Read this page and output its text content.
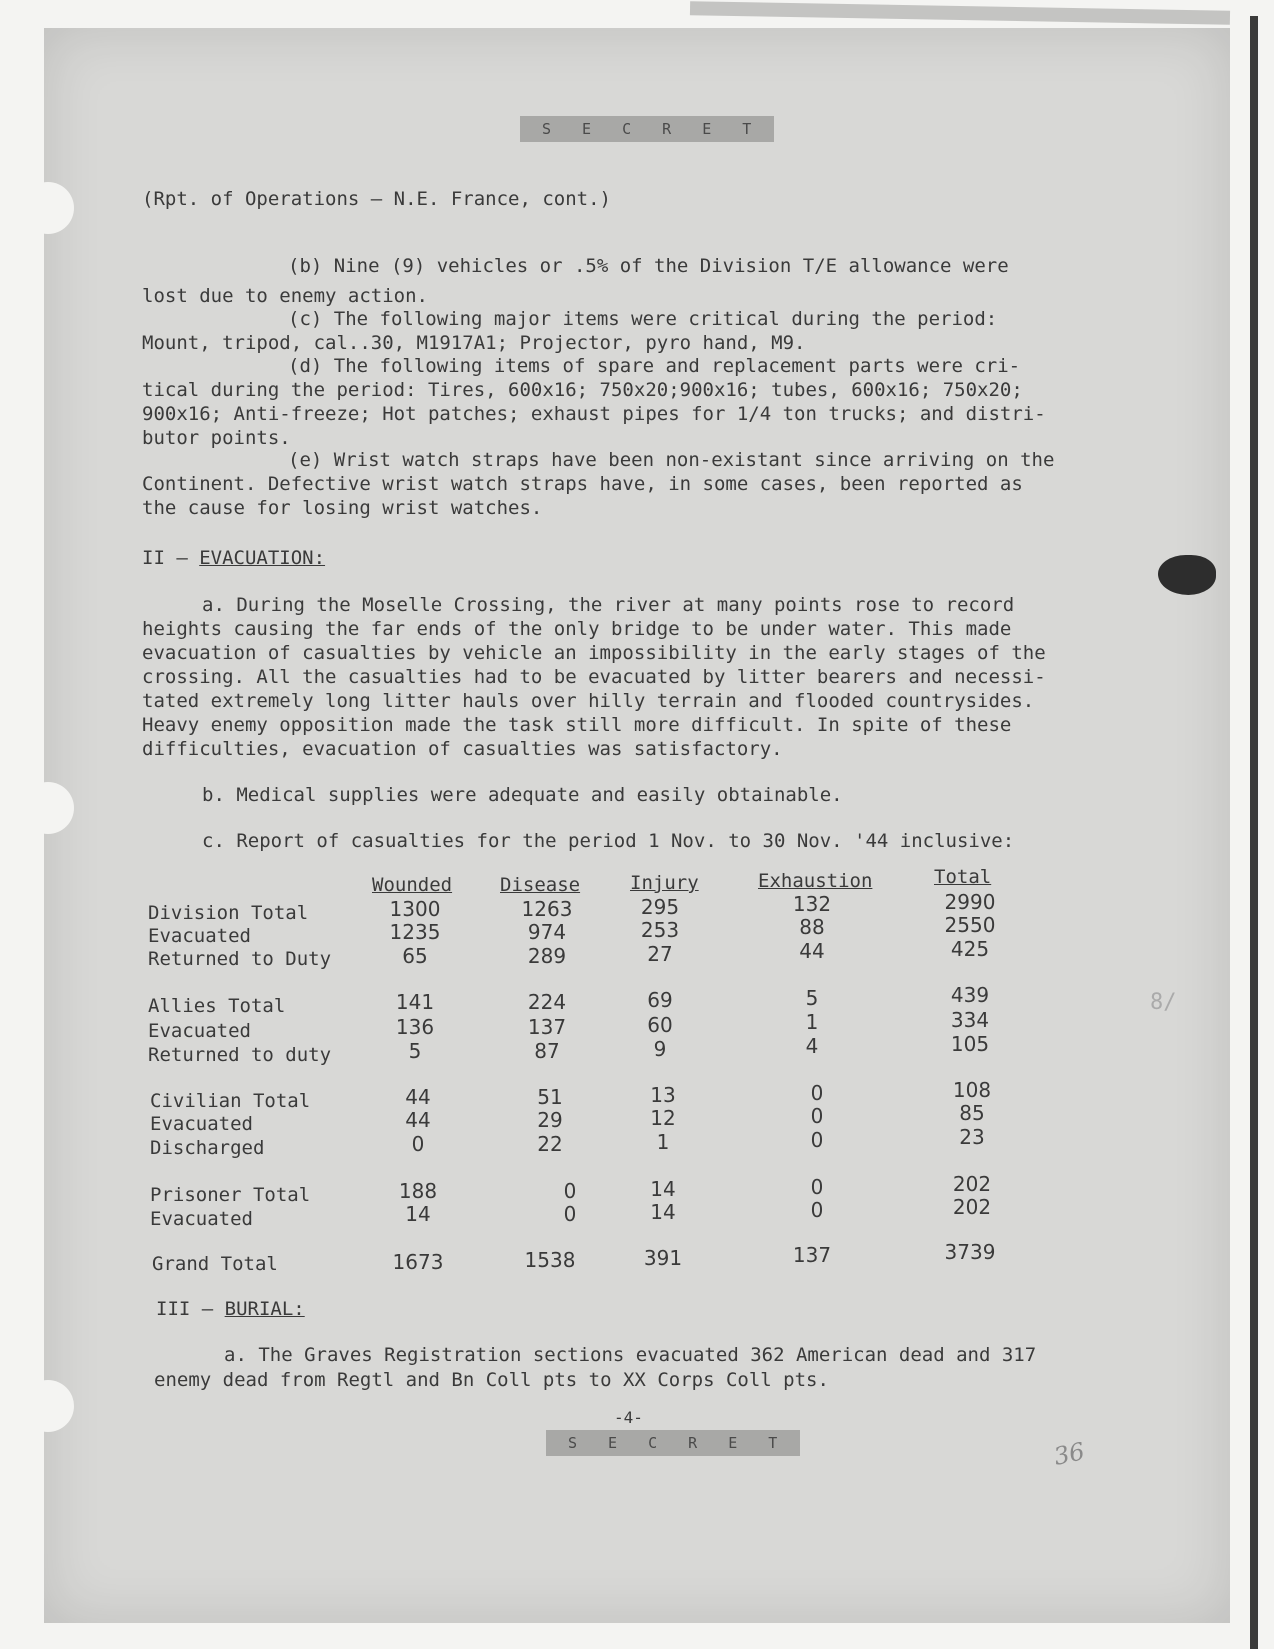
S E C R E T
(Rpt. of Operations — N.E. France, cont.)
(b) Nine (9) vehicles or .5% of the Division T/E allowance were
lost due to enemy action.
(c) The following major items were critical during the period:
Mount, tripod, cal..30, M1917A1; Projector, pyro hand, M9.
(d) The following items of spare and replacement parts were cri-
tical during the period: Tires, 600x16; 750x20;900x16; tubes, 600x16; 750x20;
900x16; Anti-freeze; Hot patches; exhaust pipes for 1/4 ton trucks; and distri-
butor points.
(e) Wrist watch straps have been non-existant since arriving on the
Continent. Defective wrist watch straps have, in some cases, been reported as
the cause for losing wrist watches.
II — EVACUATION:
a. During the Moselle Crossing, the river at many points rose to record
heights causing the far ends of the only bridge to be under water. This made
evacuation of casualties by vehicle an impossibility in the early stages of the
crossing. All the casualties had to be evacuated by litter bearers and necessi-
tated extremely long litter hauls over hilly terrain and flooded countrysides.
Heavy enemy opposition made the task still more difficult. In spite of these
difficulties, evacuation of casualties was satisfactory.
b. Medical supplies were adequate and easily obtainable.
c. Report of casualties for the period 1 Nov. to 30 Nov. '44 inclusive:
Wounded	Disease	Injury	Exhaustion	Total
Division Total	1300	1263	295	132	2990
Evacuated	1235	974	253	88	2550
Returned to Duty	65	289	27	44	425
Allies Total	141	224	69	5	439
Evacuated	136	137	60	1	334
Returned to duty	5	87	9	4	105
Civilian Total	44	51	13	0	108
Evacuated	44	29	12	0	85
Discharged	0	22	1	0	23
Prisoner Total	188	0	14	0	202
Evacuated	14	0	14	0	202
Grand Total	1673	1538	391	137	3739
III — BURIAL:
a. The Graves Registration sections evacuated 362 American dead and 317
enemy dead from Regtl and Bn Coll pts to XX Corps Coll pts.
-4-
S E C R E T	36
8/
